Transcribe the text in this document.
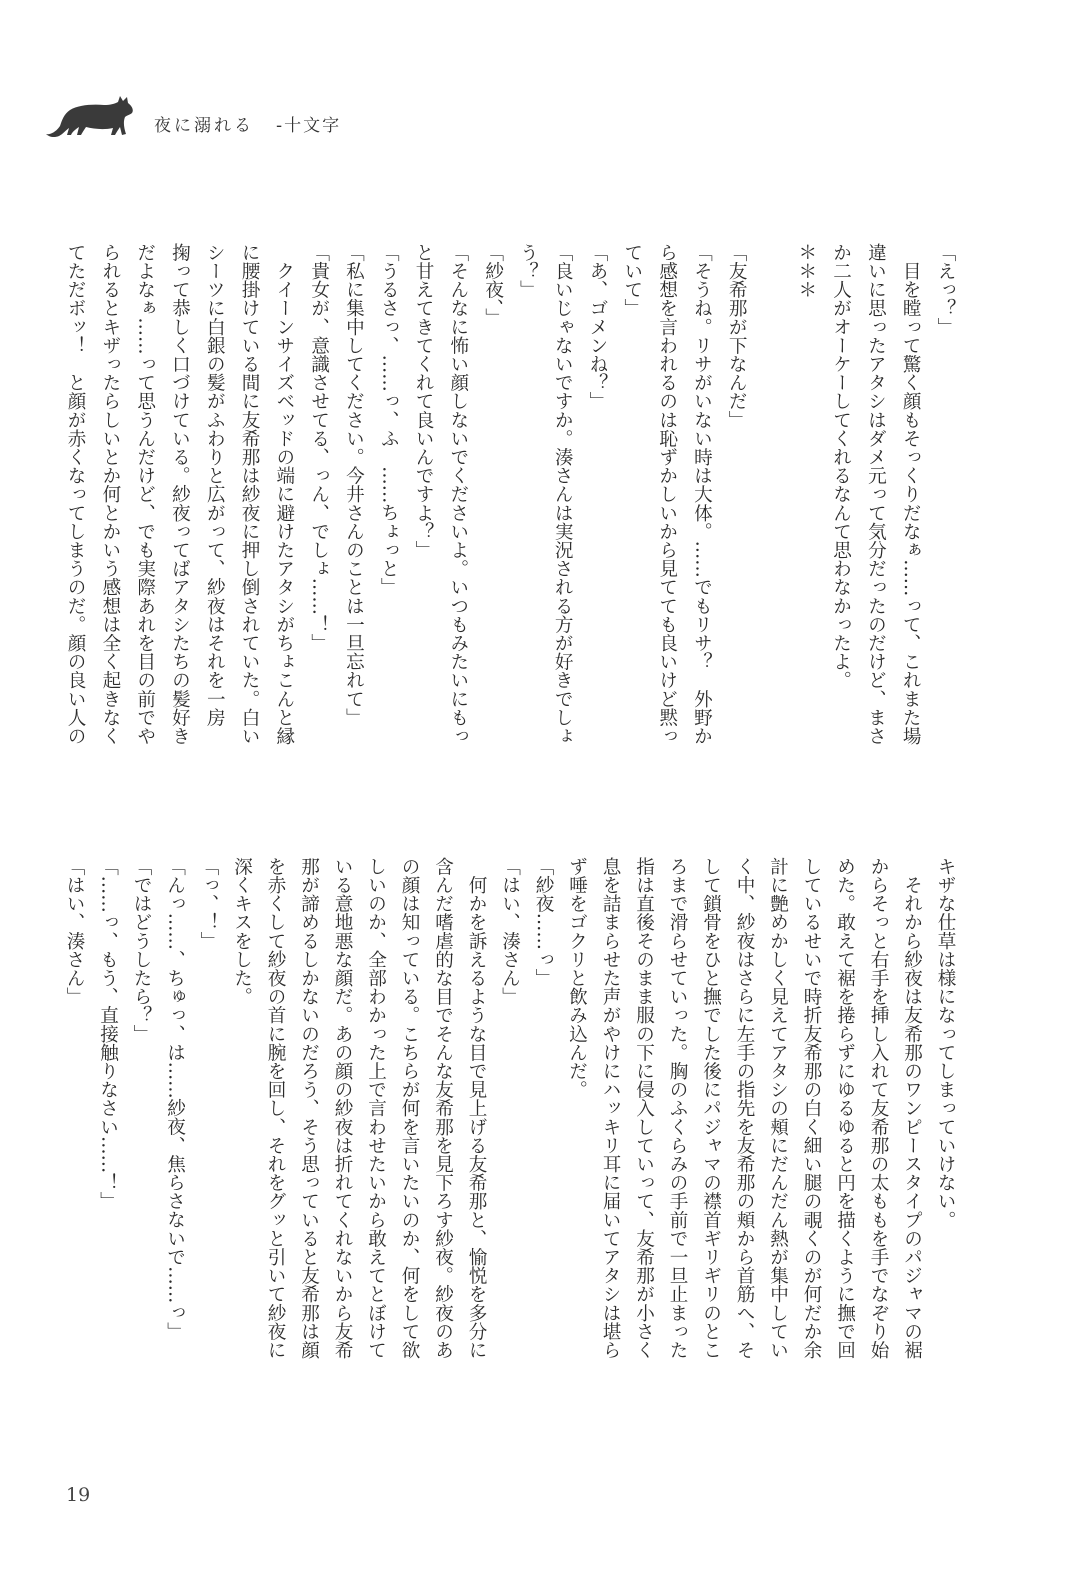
夜に溺れる -十文字
「えっ？」
　目を瞠って驚く顔もそっくりだなぁ……って、これまた場
違いに思ったアタシはダメ元って気分だったのだけど、まさ
か二人がオーケーしてくれるなんて思わなかったよ。
＊＊＊

「友希那が下なんだ」
「そうね。リサがいない時は大体。……でもリサ？　外野か
ら感想を言われるのは恥ずかしいから見てても良いけど黙っ
ていて」
「あ、ゴメンね？」
「良いじゃないですか。湊さんは実況される方が好きでしょ
う？」
「紗夜、」
「そんなに怖い顔しないでくださいよ。いつもみたいにもっ
と甘えてきてくれて良いんですよ？」
「うるさっ、……っ、ふ　……ちょっと」
「私に集中してください。今井さんのことは一旦忘れて」
「貴女が、意識させてる、っん、でしょ……！」
　クイーンサイズベッドの端に避けたアタシがちょこんと縁
に腰掛けている間に友希那は紗夜に押し倒されていた。白い
シーツに白銀の髪がふわりと広がって、紗夜はそれを一房
掬って恭しく口づけている。紗夜ってばアタシたちの髪好き
だよなぁ……って思うんだけど、でも実際あれを目の前でや
られるとキザったらしいとか何とかいう感想は全く起きなく
てただボッ！　と顔が赤くなってしまうのだ。顔の良い人の
キザな仕草は様になってしまっていけない。
　それから紗夜は友希那のワンピースタイプのパジャマの裾
からそっと右手を挿し入れて友希那の太ももを手でなぞり始
めた。敢えて裾を捲らずにゆるゆると円を描くように撫で回
しているせいで時折友希那の白く細い腿の覗くのが何だか余
計に艶めかしく見えてアタシの頬にだんだん熱が集中してい
く中、紗夜はさらに左手の指先を友希那の頬から首筋へ、そ
して鎖骨をひと撫でした後にパジャマの襟首ギリギリのとこ
ろまで滑らせていった。胸のふくらみの手前で一旦止まった
指は直後そのまま服の下に侵入していって、友希那が小さく
息を詰まらせた声がやけにハッキリ耳に届いてアタシは堪ら
ず唾をゴクリと飲み込んだ。
「紗夜……っ」
「はい、湊さん」
　何かを訴えるような目で見上げる友希那と、愉悦を多分に
含んだ嗜虐的な目でそんな友希那を見下ろす紗夜。紗夜のあ
の顔は知っている。こちらが何を言いたいのか、何をして欲
しいのか、全部わかった上で言わせたいから敢えてとぼけて
いる意地悪な顔だ。あの顔の紗夜は折れてくれないから友希
那が諦めるしかないのだろう、そう思っていると友希那は顔
を赤くして紗夜の首に腕を回し、それをグッと引いて紗夜に
深くキスをした。
「っ、！」
「んっ……、ちゅっ、は……紗夜、焦らさないで……っ」
「ではどうしたら？」
「……っ、もう、直接触りなさい……！」
「はい、湊さん」
19
